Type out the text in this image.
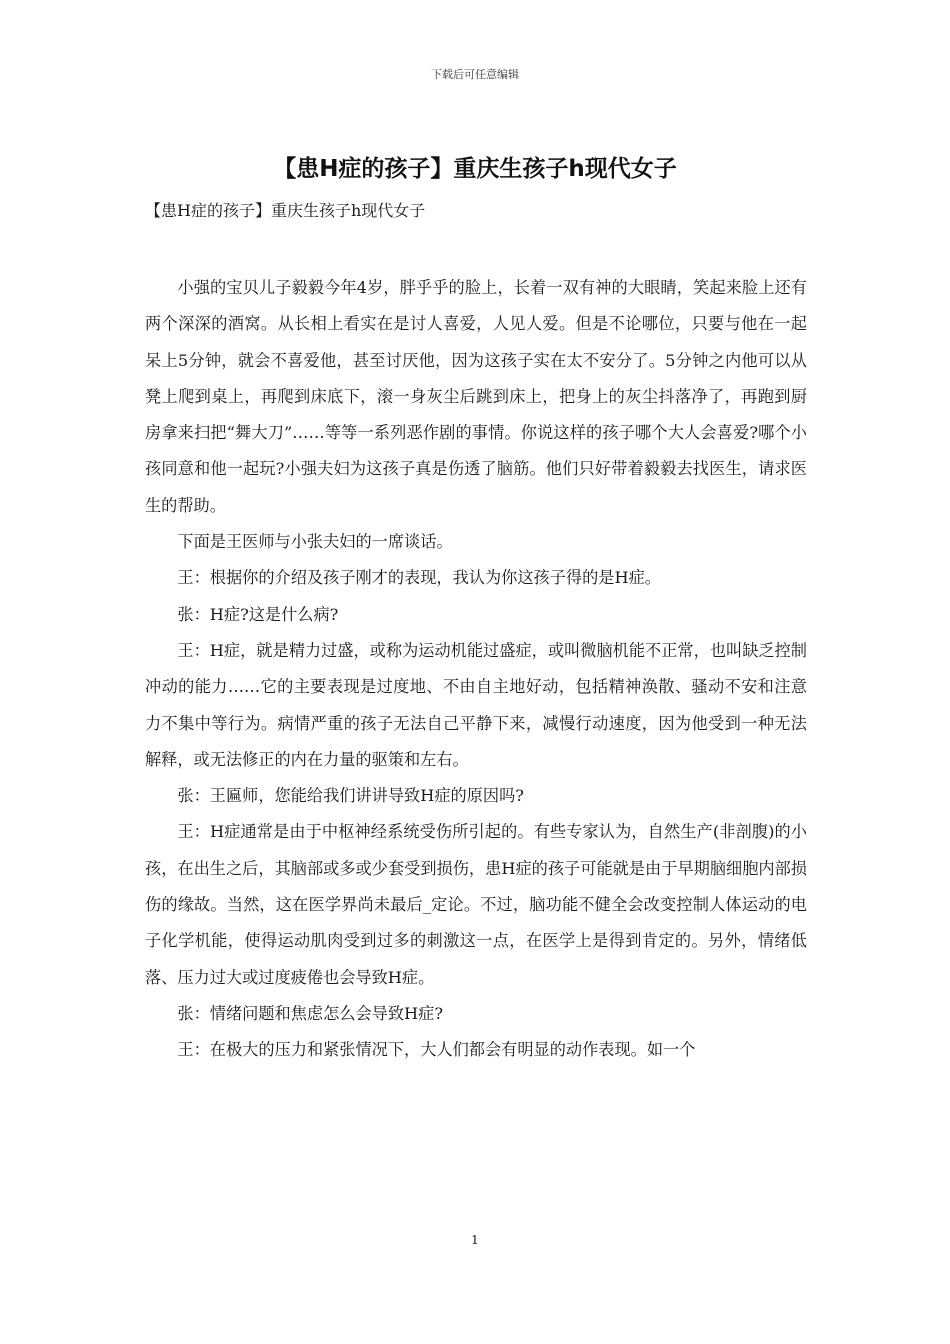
下载后可任意编辑
【患H症的孩子】重庆生孩子h现代女子

【患H症的孩子】重庆生孩子h现代女子

小强的宝贝儿子毅毅今年4岁，胖乎乎的脸上，长着一双有神的大眼睛，笑起来脸上还有两个深深的酒窝。从长相上看实在是讨人喜爱，人见人爱。但是不论哪位，只要与他在一起呆上5分钟，就会不喜爱他，甚至讨厌他，因为这孩子实在太不安分了。5分钟之内他可以从凳上爬到桌上，再爬到床底下，滚一身灰尘后跳到床上，把身上的灰尘抖落净了，再跑到厨房拿来扫把“舞大刀”……等等一系列恶作剧的事情。你说这样的孩子哪个大人会喜爱?哪个小孩同意和他一起玩?小强夫妇为这孩子真是伤透了脑筋。他们只好带着毅毅去找医生，请求医生的帮助。

下面是王医师与小张夫妇的一席谈话。

王：根据你的介绍及孩子刚才的表现，我认为你这孩子得的是H症。

张：H症?这是什么病?

王：H症，就是精力过盛，或称为运动机能过盛症，或叫微脑机能不正常，也叫缺乏控制冲动的能力……它的主要表现是过度地、不由自主地好动，包括精神涣散、骚动不安和注意力不集中等行为。病情严重的孩子无法自己平静下来，减慢行动速度，因为他受到一种无法解释，或无法修正的内在力量的驱策和左右。

张：王匾师，您能给我们讲讲导致H症的原因吗?

王：H症通常是由于中枢神经系统受伤所引起的。有些专家认为，自然生产(非剖腹)的小孩，在出生之后，其脑部或多或少套受到损伤，患H症的孩子可能就是由于早期脑细胞内部损伤的缘故。当然，这在医学界尚未最后_定论。不过，脑功能不健全会改变控制人体运动的电子化学机能，使得运动肌肉受到过多的刺激这一点，在医学上是得到肯定的。另外，情绪低落、压力过大或过度疲倦也会导致H症。

张：情绪问题和焦虑怎么会导致H症?

王：在极大的压力和紧张情况下，大人们都会有明显的动作表现。如一个

1
